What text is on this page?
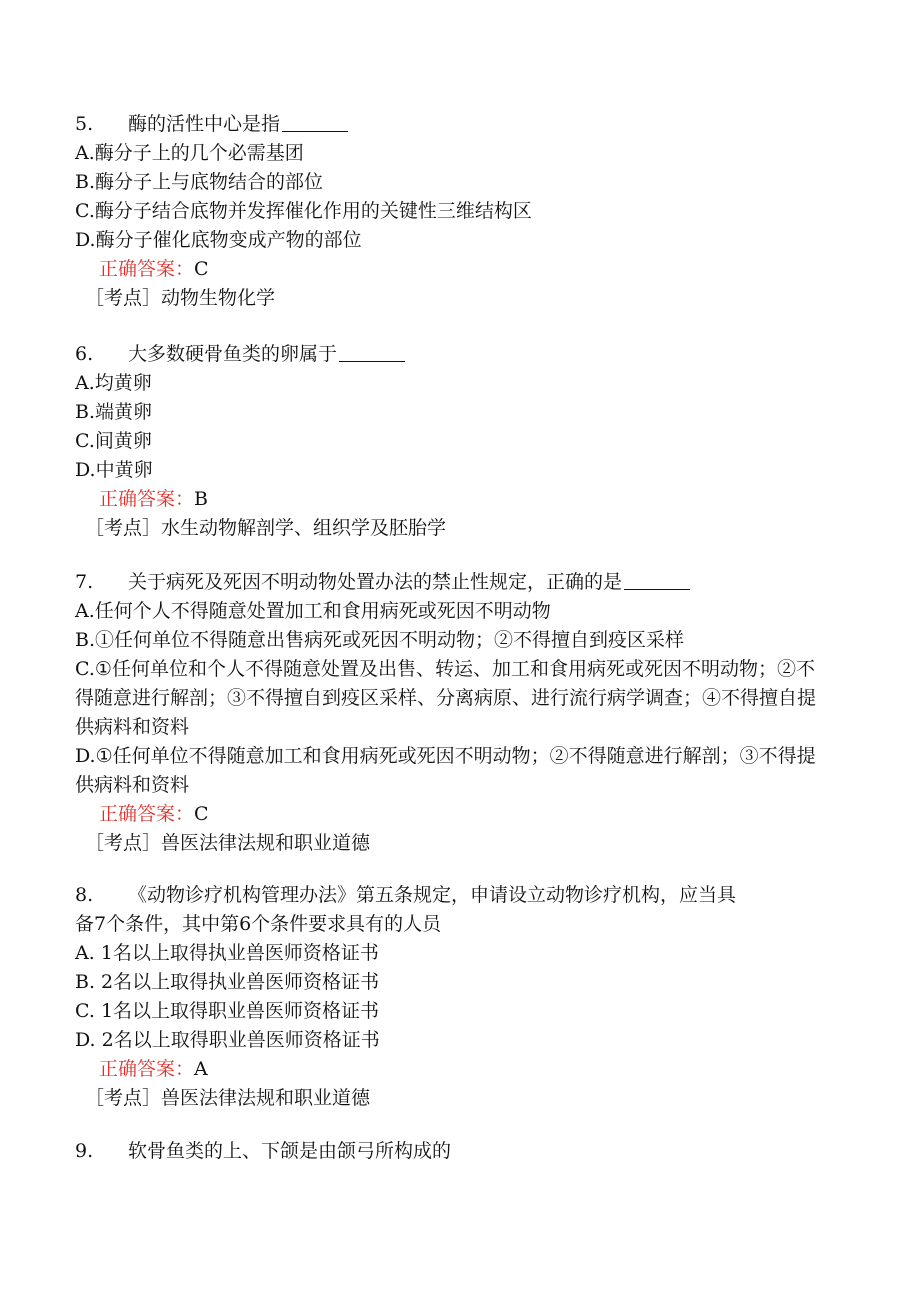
5.	酶的活性中心是指

A. 酶分子上的几个必需基团

B. 酶分子上与底物结合的部位

C. 酶分子结合底物并发挥催化作用的关键性三维结构区

D. 酶分子催化底物变成产物的部位

正确答案：C

［考点］动物生物化学

6.	大多数硬骨鱼类的卵属于

A. 均黄卵

B. 端黄卵

C. 间黄卵

D. 中黄卵

正确答案：B

［考点］水生动物解剖学、组织学及胚胎学

7.	关于病死及死因不明动物处置办法的禁止性规定，正确的是

A. 任何个人不得随意处置加工和食用病死或死因不明动物

B. ①任何单位不得随意出售病死或死因不明动物；②不得擅自到疫区采样

C.①任何单位和个人不得随意处置及出售、转运、加工和食用病死或死因不明动物；②不得随意进行解剖；③不得擅自到疫区采样、分离病原、进行流行病学调查；④不得擅自提供病料和资料

D.①任何单位不得随意加工和食用病死或死因不明动物；②不得随意进行解剖；③不得提供病料和资料

正确答案：C

［考点］兽医法律法规和职业道德

8. 《动物诊疗机构管理办法》第五条规定，申请设立动物诊疗机构，应当具
备7个条件，其中第6个条件要求具有的人员

A. 1名以上取得执业兽医师资格证书

B. 2名以上取得执业兽医师资格证书

C. 1名以上取得职业兽医师资格证书

D. 2名以上取得职业兽医师资格证书

正确答案：A

［考点］兽医法律法规和职业道德

9.	软骨鱼类的上、下颌是由颌弓所构成的
